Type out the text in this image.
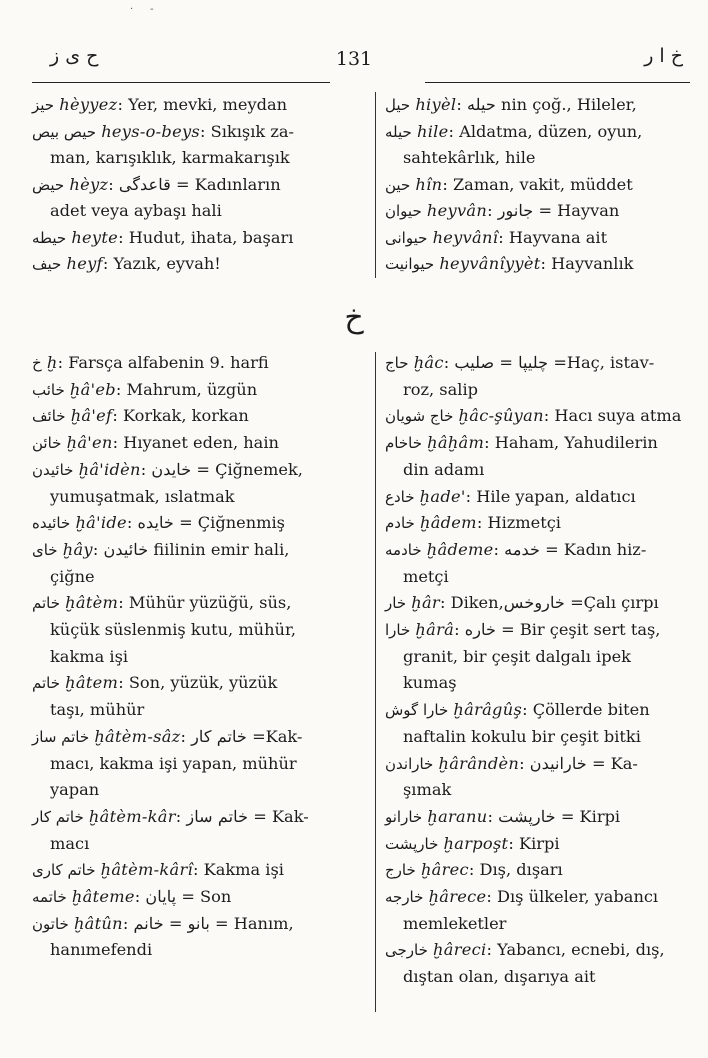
ح ی ز	131	خ ا ر
· -
حيز hèyyez: Yer, mevki, meydan
حيص بيص heys-o-beys: Sıkışık za-
man, karışıklık, karmakarışık
حيض hèyz: قاعدگی = Kadınların
adet veya aybaşı hali
حيطه heyte: Hudut, ihata, başarı
حيف heyf: Yazık, eyvah!
حيل hiyèl: حيله nin çoğ., Hileler,
حيله hile: Aldatma, düzen, oyun,
sahtekârlık, hile
حين hîn: Zaman, vakit, müddet
حيوان heyvân: جانور = Hayvan
حيوانى heyvânî: Hayvana ait
حيوانيت heyvânîyyèt: Hayvanlık
خ
خ ḫ: Farsça alfabenin 9. harfi
خائب ḫâ'eb: Mahrum, üzgün
خائف ḫâ'ef: Korkak, korkan
خائن ḫâ'en: Hıyanet eden, hain
خائيدن ḫâ'idèn: خايدن = Çiğnemek,
yumuşatmak, ıslatmak
خائيده ḫâ'ide: خايده = Çiğnenmiş
خاى ḫây: خائيدن fiilinin emir hali,
çiğne
خاتم ḫâtèm: Mühür yüzüğü, süs,
küçük süslenmiş kutu, mühür,
kakma işi
خاتم ḫâtem: Son, yüzük, yüzük
taşı, mühür
خاتم ساز ḫâtèm-sâz: خاتم كار =Kak-
macı, kakma işi yapan, mühür
yapan
خاتم كار ḫâtèm-kâr: خاتم ساز = Kak-
macı
خاتم كارى ḫâtèm-kârî: Kakma işi
خاتمه ḫâteme: پايان = Son
خاتون ḫâtûn: بانو = خانم = Hanım,
hanımefendi
حاج ḫâc: چليپا = صليب =Haç, istav-
roz, salip
خاج شويان ḫâc-şûyan: Hacı suya atma
خاخام ḫâḫâm: Haham, Yahudilerin
din adamı
خادع ḫade': Hile yapan, aldatıcı
خادم ḫâdem: Hizmetçi
خادمه ḫâdeme: خدمه = Kadın hiz-
metçi
خار ḫâr: Diken,خاروخس =Çalı çırpı
خارا ḫârâ: خاره = Bir çeşit sert taş,
granit, bir çeşit dalgalı ipek
kumaş
خارا گوش ḫârâgûş: Çöllerde biten
naftalin kokulu bir çeşit bitki
خاراندن ḫârândèn: خارانيدن = Ka-
şımak
خارانو ḫaranu: خارپشت = Kirpi
خارپشت ḫarpoşt: Kirpi
خارج ḫârec: Dış, dışarı
خارجه ḫârece: Dış ülkeler, yabancı
memleketler
خارجى ḫâreci: Yabancı, ecnebi, dış,
dıştan olan, dışarıya ait
